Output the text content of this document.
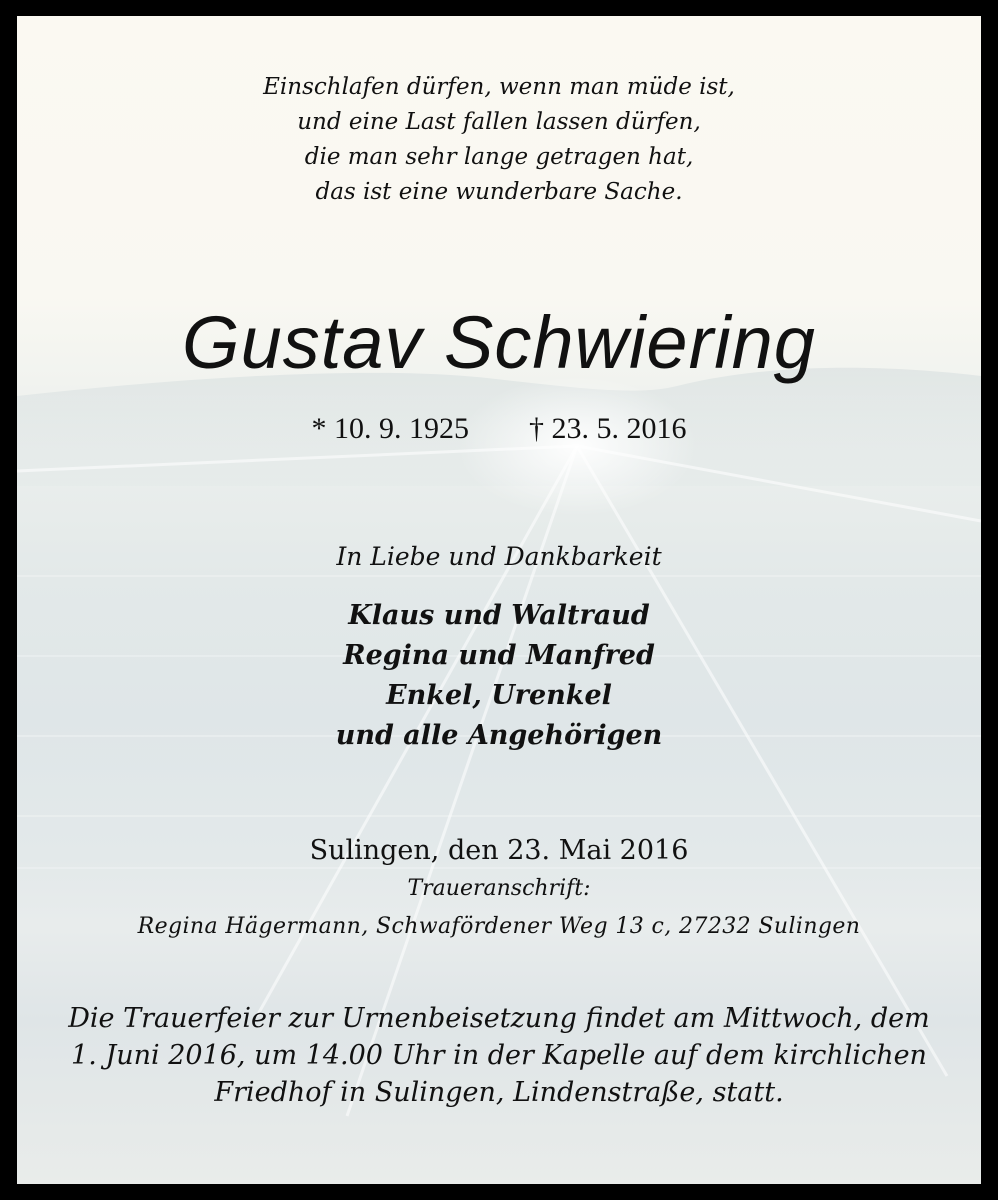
Einschlafen dürfen, wenn man müde ist,
und eine Last fallen lassen dürfen,
die man sehr lange getragen hat,
das ist eine wunderbare Sache.
Gustav Schwiering
* 10. 9. 1925 † 23. 5. 2016
In Liebe und Dankbarkeit
Klaus und Waltraud
Regina und Manfred
Enkel, Urenkel
und alle Angehörigen
Sulingen, den 23. Mai 2016
Traueranschrift:
Regina Hägermann, Schwafördener Weg 13 c, 27232 Sulingen
Die Trauerfeier zur Urnenbeisetzung findet am Mittwoch, dem
1. Juni 2016, um 14.00 Uhr in der Kapelle auf dem kirchlichen
Friedhof in Sulingen, Lindenstraße, statt.
